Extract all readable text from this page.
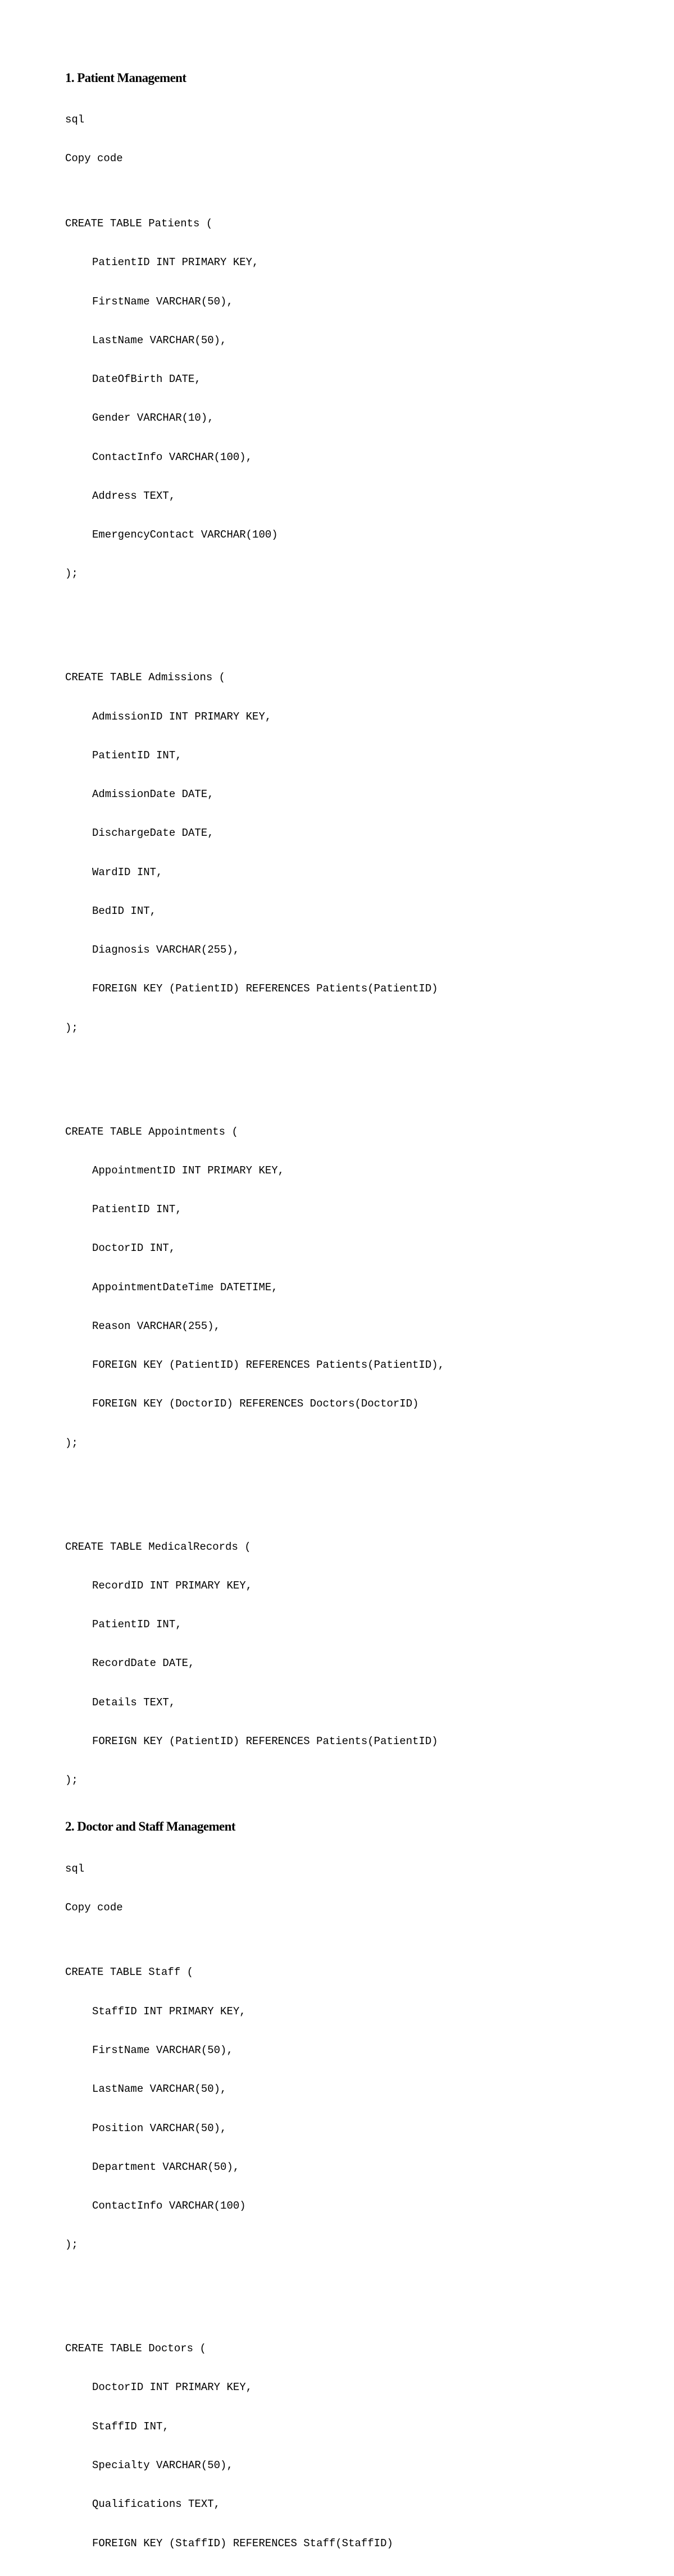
1. Patient Management

sql

Copy code

CREATE TABLE Patients (

PatientID INT PRIMARY KEY,

FirstName VARCHAR(50),

LastName VARCHAR(50),

DateOfBirth DATE,

Gender VARCHAR(10),

ContactInfo VARCHAR(100),

Address TEXT,

EmergencyContact VARCHAR(100)

);

CREATE TABLE Admissions (

AdmissionID INT PRIMARY KEY,

PatientID INT,

AdmissionDate DATE,

DischargeDate DATE,

WardID INT,

BedID INT,

Diagnosis VARCHAR(255),

FOREIGN KEY (PatientID) REFERENCES Patients(PatientID)

);

CREATE TABLE Appointments (

AppointmentID INT PRIMARY KEY,

PatientID INT,

DoctorID INT,

AppointmentDateTime DATETIME,

Reason VARCHAR(255),

FOREIGN KEY (PatientID) REFERENCES Patients(PatientID),

FOREIGN KEY (DoctorID) REFERENCES Doctors(DoctorID)

);

CREATE TABLE MedicalRecords (

RecordID INT PRIMARY KEY,

PatientID INT,

RecordDate DATE,

Details TEXT,

FOREIGN KEY (PatientID) REFERENCES Patients(PatientID)

);

2. Doctor and Staff Management

sql

Copy code

CREATE TABLE Staff (

StaffID INT PRIMARY KEY,

FirstName VARCHAR(50),

LastName VARCHAR(50),

Position VARCHAR(50),

Department VARCHAR(50),

ContactInfo VARCHAR(100)

);

CREATE TABLE Doctors (

DoctorID INT PRIMARY KEY,

StaffID INT,

Specialty VARCHAR(50),

Qualifications TEXT,

FOREIGN KEY (StaffID) REFERENCES Staff(StaffID)
